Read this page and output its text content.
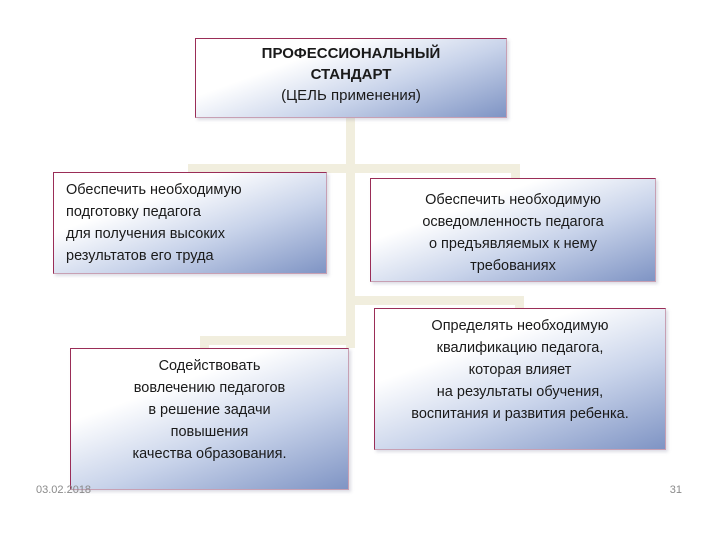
ПРОФЕССИОНАЛЬНЫЙ
СТАНДАРТ
(ЦЕЛЬ применения)
Обеспечить необходимую
подготовку педагога
для получения высоких
результатов его труда
Обеспечить необходимую
осведомленность педагога
о предъявляемых к нему
требованиях
Содействовать
вовлечению педагогов
в решение задачи
повышения
качества образования.
Определять необходимую
квалификацию педагога,
которая влияет
на результаты обучения,
воспитания и развития ребенка.
03.02.2018	31
